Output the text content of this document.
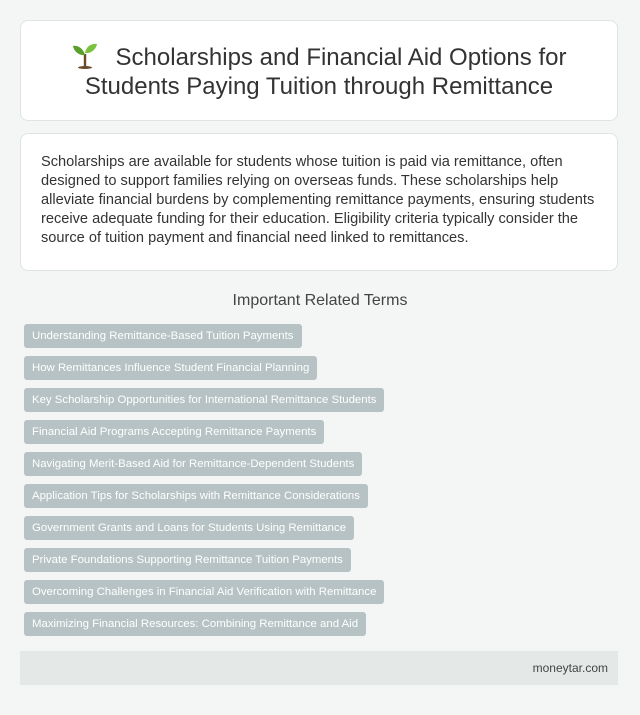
Scholarships and Financial Aid Options for Students Paying Tuition through Remittance

Scholarships are available for students whose tuition is paid via remittance, often designed to support families relying on overseas funds. These scholarships help alleviate financial burdens by complementing remittance payments, ensuring students receive adequate funding for their education. Eligibility criteria typically consider the source of tuition payment and financial need linked to remittances.

Important Related Terms
Understanding Remittance-Based Tuition Payments
How Remittances Influence Student Financial Planning
Key Scholarship Opportunities for International Remittance Students
Financial Aid Programs Accepting Remittance Payments
Navigating Merit-Based Aid for Remittance-Dependent Students
Application Tips for Scholarships with Remittance Considerations
Government Grants and Loans for Students Using Remittance
Private Foundations Supporting Remittance Tuition Payments
Overcoming Challenges in Financial Aid Verification with Remittance
Maximizing Financial Resources: Combining Remittance and Aid
moneytar.com
